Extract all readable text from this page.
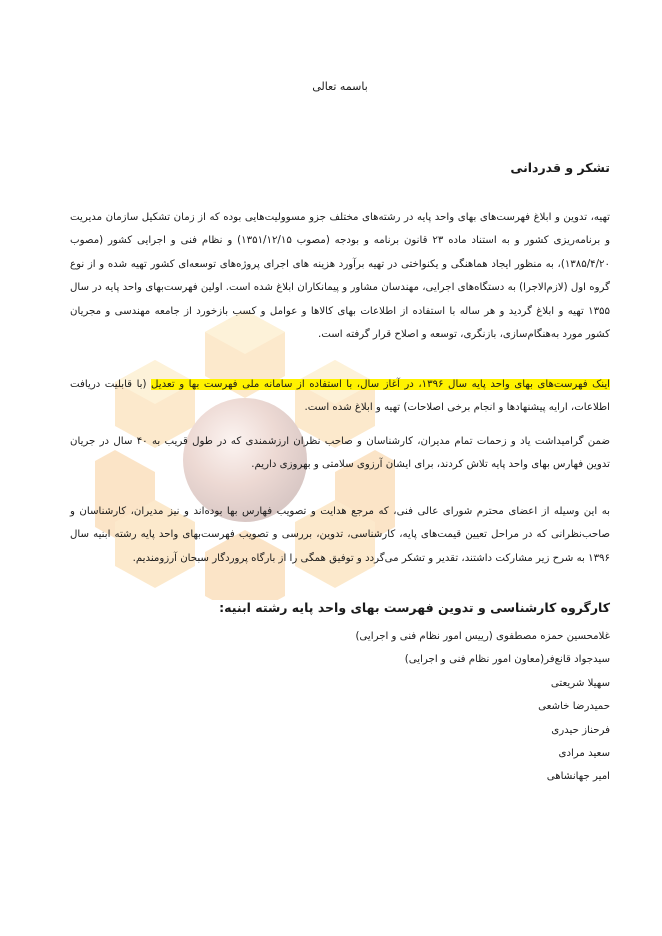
باسمه تعالی
تشکر و قدردانی
تهیه، تدوین و ابلاغ فهرست‌های بهای واحد پایه در رشته‌های مختلف جزو مسوولیت‌هایی بوده که از زمان تشکیل سازمان مدیریت و برنامه‌ریزی کشور و به استناد ماده ۲۳ قانون برنامه و بودجه (مصوب ۱۳۵۱/۱۲/۱۵) و نظام فنی و اجرایی کشور (مصوب ۱۳۸۵/۴/۲۰)، به منظور ایجاد هماهنگی و یکنواختی در تهیه برآورد هزینه های اجرای پروژه‌های توسعه‌ای کشور تهیه شده و از نوع گروه اول (لازم‌الاجرا) به دستگاه‌های اجرایی، مهندسان مشاور و پیمانکاران ابلاغ شده است. اولین فهرست‌بهای واحد پایه در سال ۱۳۵۵ تهیه و ابلاغ گردید و هر ساله با استفاده از اطلاعات بهای کالاها و عوامل و کسب بازخورد از جامعه مهندسی و مجریان کشور مورد به‌هنگام‌سازی، بازنگری، توسعه و اصلاح قرار گرفته است.
اینک فهرست‌های بهای واحد پایه سال ۱۳۹۶، در آغاز سال، با استفاده از سامانه ملی فهرست بها و تعدیل (با قابلیت دریافت اطلاعات، ارایه پیشنهادها و انجام برخی اصلاحات) تهیه و ابلاغ شده است.
ضمن گرامیداشت یاد و زحمات تمام مدیران، کارشناسان و صاحب نظران ارزشمندی که در طول قریب به ۴۰ سال در جریان تدوین فهارس بهای واحد پایه تلاش کردند، برای ایشان آرزوی سلامتی و بهروزی داریم.
به این وسیله از اعضای محترم شورای عالی فنی، که مرجع هدایت و تصویب فهارس بها بوده‌اند و نیز مدیران، کارشناسان و صاحب‌نظرانی که در مراحل تعیین قیمت‌های پایه، کارشناسی، تدوین، بررسی و تصویب فهرست‌بهای واحد پایه رشته ابنیه سال ۱۳۹۶ به شرح زیر مشارکت داشتند، تقدیر و تشکر می‌گردد و توفیق همگی را از بارگاه پروردگار سبحان آرزومندیم.
کارگروه کارشناسی و تدوین فهرست بهای واحد پایه رشته ابنیه:
غلامحسین حمزه مصطفوی (رییس امور نظام فنی و اجرایی)
سیدجواد قانع‌فر(معاون امور نظام فنی و اجرایی)
سهیلا شریعتی
حمیدرضا خاشعی
فرحناز حیدری
سعید مرادی
امیر جهانشاهی
